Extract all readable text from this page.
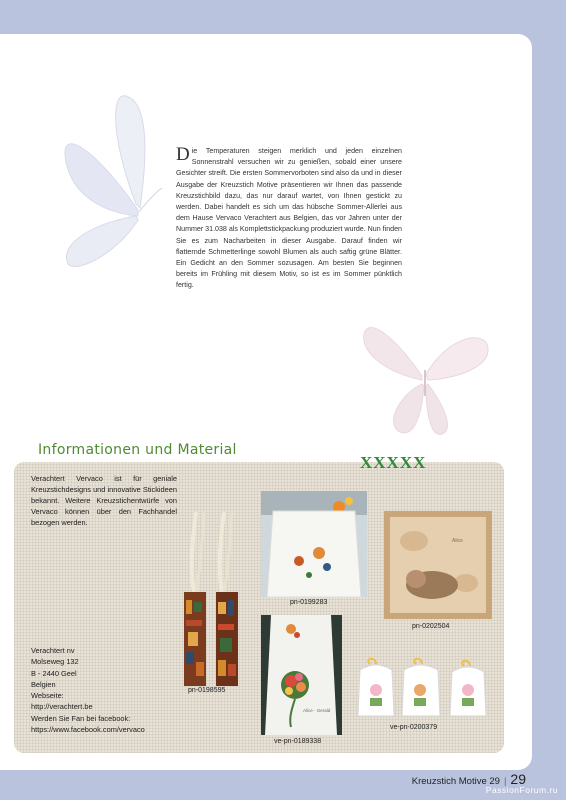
Die Temperaturen steigen merklich und jeden einzelnen Sonnenstrahl versuchen wir zu genießen, sobald einer unsere Gesichter streift. Die ersten Sommervorboten sind also da und in dieser Ausgabe der Kreuzstich Motive präsentieren wir Ihnen das passende Kreuzstichbild dazu, das nur darauf wartet, von Ihnen gestickt zu werden. Dabei handelt es sich um das hübsche Sommer-Allerlei aus dem Hause Vervaco Verachtert aus Belgien, das vor Jahren unter der Nummer 31.038 als Komplettstickpackung produziert wurde. Nun finden Sie es zum Nacharbeiten in dieser Ausgabe. Darauf finden wir flatternde Schmetterlinge sowohl Blumen als auch saftig grüne Blätter. Ein Gedicht an den Sommer sozusagen. Am besten Sie beginnen bereits im Frühling mit diesem Motiv, so ist es im Sommer pünktlich fertig.
Informationen und Material
XXXXX
Verachtert Vervaco ist für geniale Kreuzstichdesigns und innovative Stickideen bekannt. Weitere Kreuzstichentwürfe von Vervaco können über den Fachhandel bezogen werden.
Verachtert nv
Molseweg 132
B - 2440 Geel
Belgien
Webseite:
http://verachtert.be
Werden Sie Fan bei facebook:
https://www.facebook.com/vervaco
pn-0198595
pn-0199283
pn-0202504
Alice
Alice · Gerald
ve-pn-0189338
ve-pn-0200379
Kreuzstich Motive 29 | 29
PassionForum.ru
